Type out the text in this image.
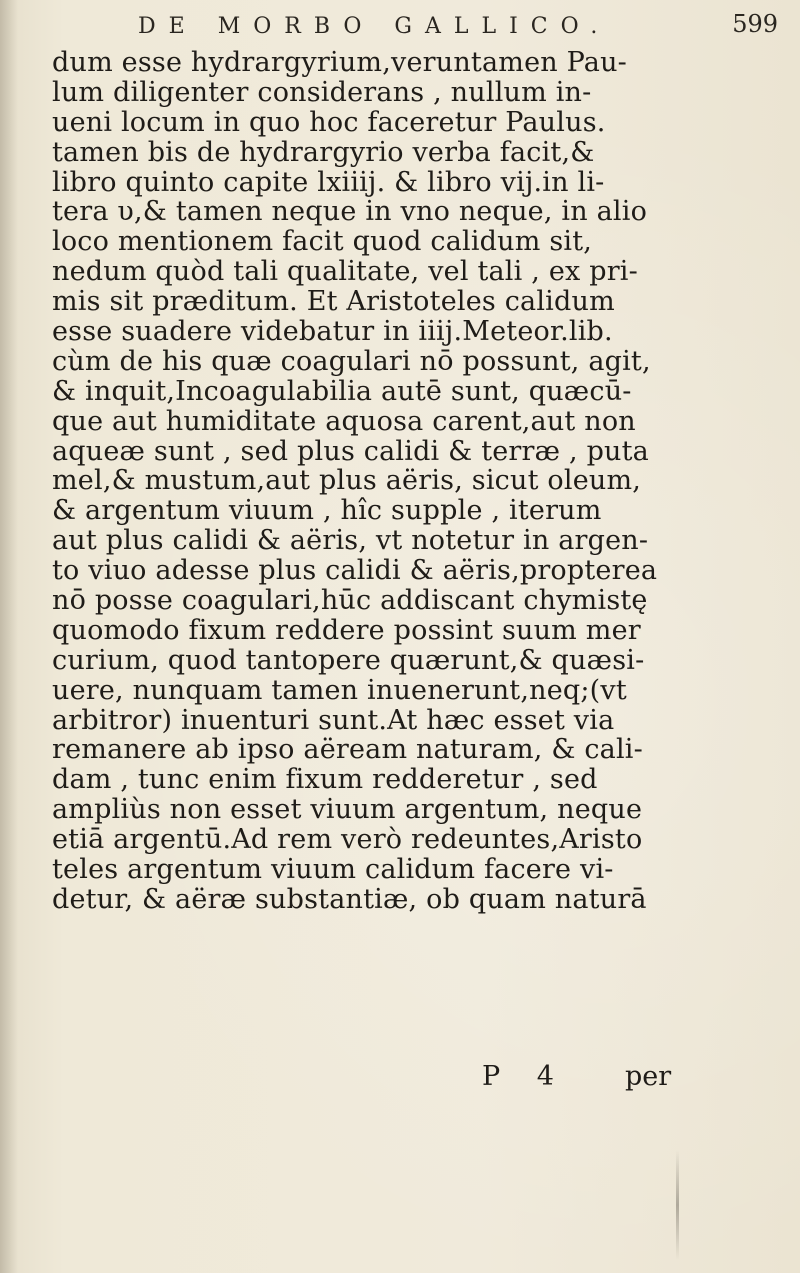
DE MORBO GALLICO.	599
dum esse hydrargyrium,veruntamen Pau-
lum diligenter considerans , nullum in-
ueni locum in quo hoc faceretur Paulus.
tamen bis de hydrargyrio verba facit,&
libro quinto capite lxiiij. & libro vij.in li-
tera υ,& tamen neque in vno neque, in alio
loco mentionem facit quod calidum sit,
nedum quòd tali qualitate, vel tali , ex pri-
mis sit præditum. Et Aristoteles calidum
esse suadere videbatur in iiij.Meteor.lib.
cùm de his quæ coagulari nō possunt, agit,
& inquit,Incoagulabilia autē sunt, quæcū-
que aut humiditate aquosa carent,aut non
aqueæ sunt , sed plus calidi & terræ , puta
mel,& mustum,aut plus aëris, sicut oleum,
& argentum viuum , hîc supple , iterum
aut plus calidi & aëris, vt notetur in argen-
to viuo adesse plus calidi & aëris,propterea
nō posse coagulari,hūc addiscant chymistę
quomodo fixum reddere possint suum mer
curium, quod tantopere quærunt,& quæsi-
uere, nunquam tamen inuenerunt,neq;(vt
arbitror) inuenturi sunt.At hæc esset via
remanere ab ipso aëream naturam, & cali-
dam , tunc enim fixum redderetur , sed
ampliùs non esset viuum argentum, neque
etiā argentū.Ad rem verò redeuntes,Aristo
teles argentum viuum calidum facere vi-
detur, & aëræ substantiæ, ob quam naturā
P 4 per
